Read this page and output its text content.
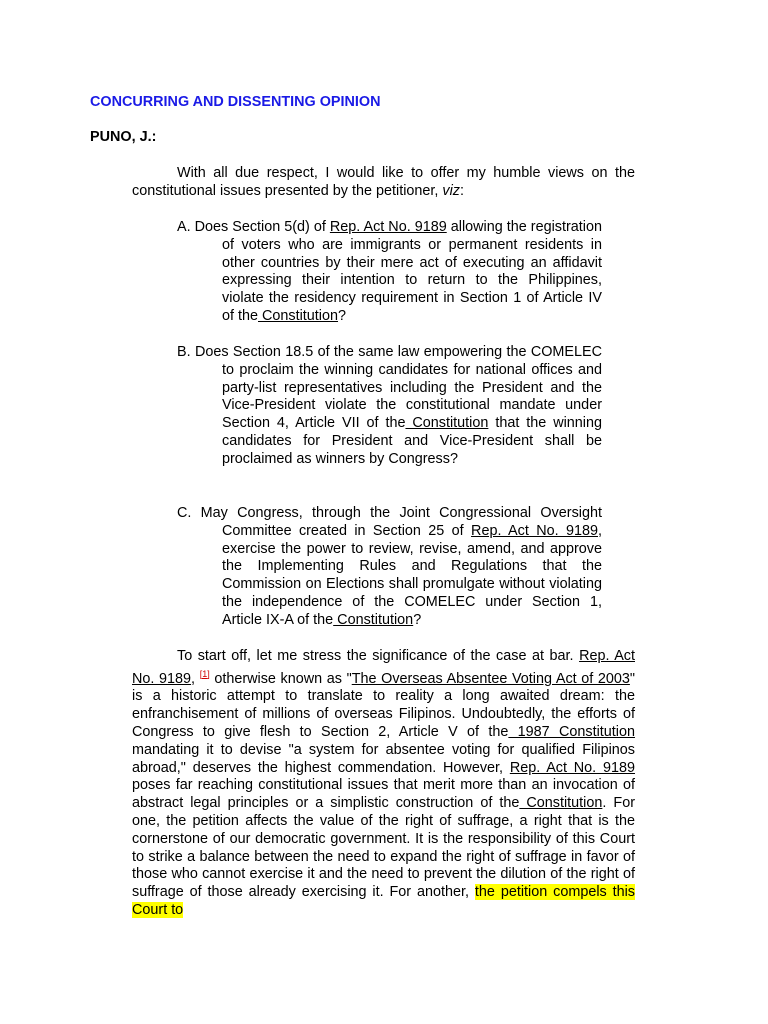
CONCURRING AND DISSENTING OPINION
PUNO, J.:

With all due respect, I would like to offer my humble views on the constitutional issues presented by the petitioner, viz:

A. Does Section 5(d) of Rep. Act No. 9189 allowing the registration of voters who are immigrants or permanent residents in other countries by their mere act of executing an affidavit expressing their intention to return to the Philippines, violate the residency requirement in Section 1 of Article IV of the Constitution?

B. Does Section 18.5 of the same law empowering the COMELEC to proclaim the winning candidates for national offices and party-list representatives including the President and the Vice-President violate the constitutional mandate under Section 4, Article VII of the Constitution that the winning candidates for President and Vice-President shall be proclaimed as winners by Congress?

C. May Congress, through the Joint Congressional Oversight Committee created in Section 25 of Rep. Act No. 9189, exercise the power to review, revise, amend, and approve the Implementing Rules and Regulations that the Commission on Elections shall promulgate without violating the independence of the COMELEC under Section 1, Article IX-A of the Constitution?

To start off, let me stress the significance of the case at bar. Rep. Act No. 9189, [1] otherwise known as "The Overseas Absentee Voting Act of 2003" is a historic attempt to translate to reality a long awaited dream: the enfranchisement of millions of overseas Filipinos. Undoubtedly, the efforts of Congress to give flesh to Section 2, Article V of the 1987 Constitution mandating it to devise "a system for absentee voting for qualified Filipinos abroad," deserves the highest commendation. However, Rep. Act No. 9189 poses far reaching constitutional issues that merit more than an invocation of abstract legal principles or a simplistic construction of the Constitution. For one, the petition affects the value of the right of suffrage, a right that is the cornerstone of our democratic government. It is the responsibility of this Court to strike a balance between the need to expand the right of suffrage in favor of those who cannot exercise it and the need to prevent the dilution of the right of suffrage of those already exercising it. For another, the petition compels this Court to
